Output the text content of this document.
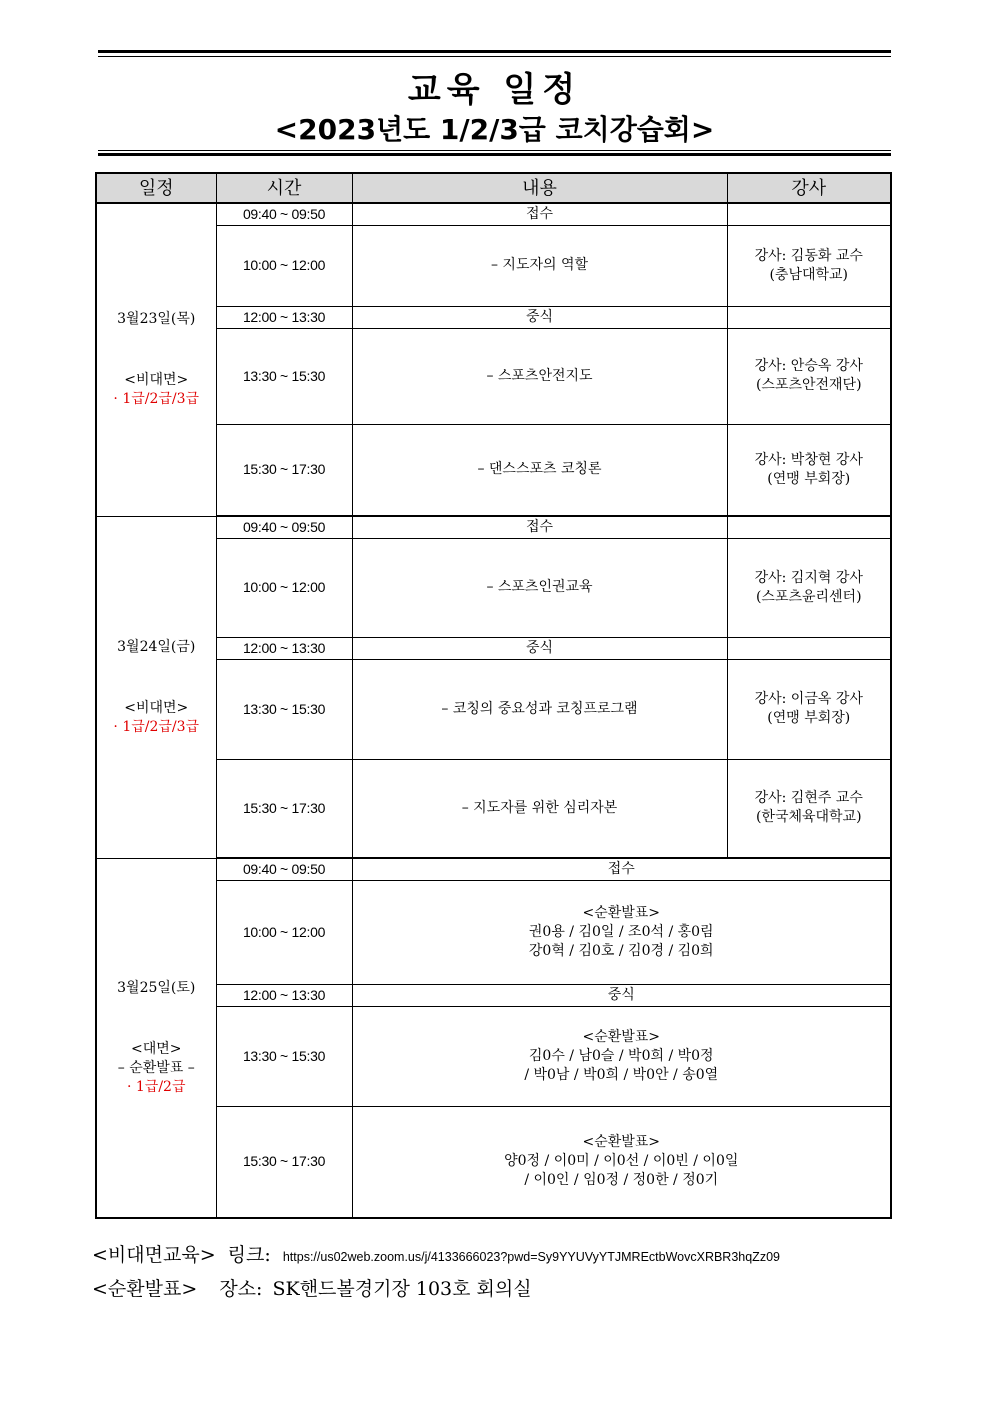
교육 일정
<2023년도 1/2/3급 코치강습회>
일정	시간	내용	강사

3월23일(목)
<비대면>
· 1급/2급/3급	09:40 ~ 09:50	접수	
	10:00 ~ 12:00	– 지도자의 역할	강사: 김동화 교수
(충남대학교)

	12:00 ~ 13:30	중식	
	13:30 ~ 15:30	– 스포츠안전지도	강사: 안승옥 강사
(스포츠안전재단)

	15:30 ~ 17:30	– 댄스스포츠 코칭론	강사: 박창현 강사
(연맹 부회장)

3월24일(금)
<비대면>
· 1급/2급/3급	09:40 ~ 09:50	접수	
	10:00 ~ 12:00	– 스포츠인권교육	강사: 김지혁 강사
(스포츠윤리센터)

	12:00 ~ 13:30	중식	
	13:30 ~ 15:30	– 코칭의 중요성과 코칭프로그램	강사: 이금옥 강사
(연맹 부회장)

	15:30 ~ 17:30	– 지도자를 위한 심리자본	강사: 김현주 교수
(한국체육대학교)

3월25일(토)
<대면>
– 순환발표 –
· 1급/2급	09:40 ~ 09:50	접수	
	10:00 ~ 12:00	<순환발표>
권0용 / 김0일 / 조0석 / 홍0림
강0혁 / 김0호 / 김0경 / 김0희	

	12:00 ~ 13:30	중식	
	13:30 ~ 15:30	<순환발표>
김0수 / 남0슬 / 박0희 / 박0정
/ 박0남 / 박0희 / 박0안 / 송0열	

	15:30 ~ 17:30	<순환발표>
양0정 / 이0미 / 이0선 / 이0빈 / 이0일
/ 이0인 / 임0정 / 정0한 / 정0기	
<비대면교육> 링크: https://us02web.zoom.us/j/4133666023?pwd=Sy9YYUVyYTJMREctbWovcXRBR3hqZz09
<순환발표> 장소: SK핸드볼경기장 103호 회의실
